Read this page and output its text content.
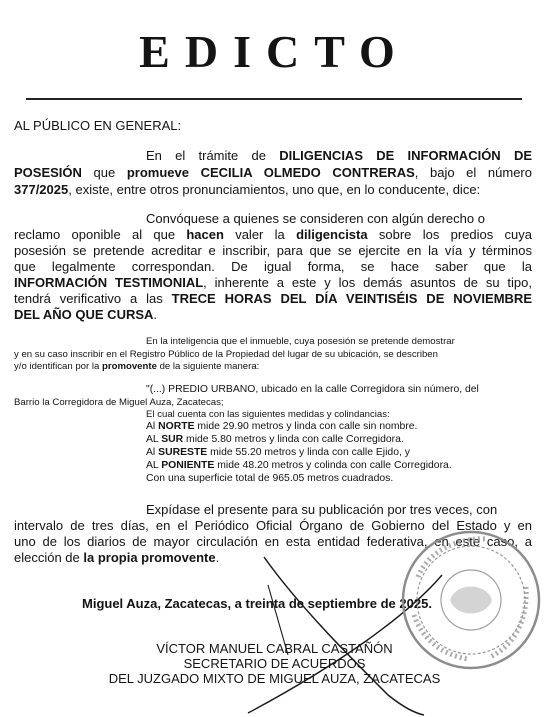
EDICTO
AL PÚBLICO EN GENERAL:
En el trámite de DILIGENCIAS DE INFORMACIÓN DE
POSESIÓN que promueve CECILIA OLMEDO CONTRERAS, bajo el número
377/2025, existe, entre otros pronunciamientos, uno que, en lo conducente, dice:
Convóquese a quienes se consideren con algún derecho o
reclamo oponible al que hacen valer la diligencista sobre los predios cuya
posesión se pretende acreditar e inscribir, para que se ejercite en la vía y términos
que legalmente correspondan. De igual forma, se hace saber que la
INFORMACIÓN TESTIMONIAL, inherente a este y los demás asuntos de su tipo,
tendrá verificativo a las TRECE HORAS DEL DÍA VEINTISÉIS DE NOVIEMBRE
DEL AÑO QUE CURSA.
En la inteligencia que el inmueble, cuya posesión se pretende demostrar
y en su caso inscribir en el Registro Público de la Propiedad del lugar de su ubicación, se describen
y/o identifican por la promovente de la siguiente manera:
"(...) PREDIO URBANO, ubicado en la calle Corregidora sin número, del
Barrio la Corregidora de Miguel Auza, Zacatecas;
El cual cuenta con las siguientes medidas y colindancias:
Al NORTE mide 29.90 metros y linda con calle sin nombre.
AL SUR mide 5.80 metros y linda con calle Corregidora.
Al SURESTE mide 55.20 metros y linda con calle Ejido, y
AL PONIENTE mide 48.20 metros y colinda con calle Corregidora.
Con una superficie total de 965.05 metros cuadrados.
Expídase el presente para su publicación por tres veces, con
intervalo de tres días, en el Periódico Oficial Órgano de Gobierno del Estado y en
uno de los diarios de mayor circulación en esta entidad federativa, en este caso, a
elección de la propia promovente.
Miguel Auza, Zacatecas, a treinta de septiembre de 2025.
VÍCTOR MANUEL CABRAL CASTAÑÓN
SECRETARIO DE ACUERDOS
DEL JUZGADO MIXTO DE MIGUEL AUZA, ZACATECAS
